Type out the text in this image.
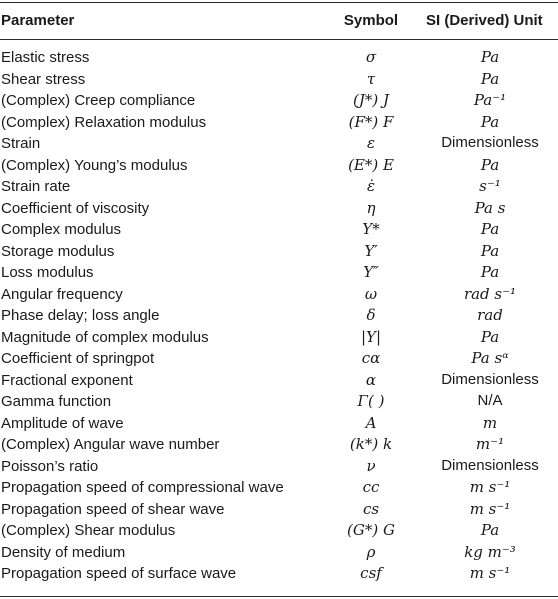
Parameter	Symbol	SI (Derived) Unit
Elastic stress	σ	Pa
Shear stress	τ	Pa
(Complex) Creep compliance	(J*) J	Pa⁻¹
(Complex) Relaxation modulus	(F*) F	Pa
Strain	ε	Dimensionless
(Complex) Young’s modulus	(E*) E	Pa
Strain rate	ε̇	s⁻¹
Coefficient of viscosity	η	Pa s
Complex modulus	Y*	Pa
Storage modulus	Y′	Pa
Loss modulus	Y″	Pa
Angular frequency	ω	rad s⁻¹
Phase delay; loss angle	δ	rad
Magnitude of complex modulus	|Y|	Pa
Coefficient of springpot	cα	Pa sᵅ
Fractional exponent	α	Dimensionless
Gamma function	Γ( )	N/A
Amplitude of wave	A	m
(Complex) Angular wave number	(k*) k	m⁻¹
Poisson’s ratio	ν	Dimensionless
Propagation speed of compressional wave	cc	m s⁻¹
Propagation speed of shear wave	cs	m s⁻¹
(Complex) Shear modulus	(G*) G	Pa
Density of medium	ρ	kg m⁻³
Propagation speed of surface wave	csf	m s⁻¹
